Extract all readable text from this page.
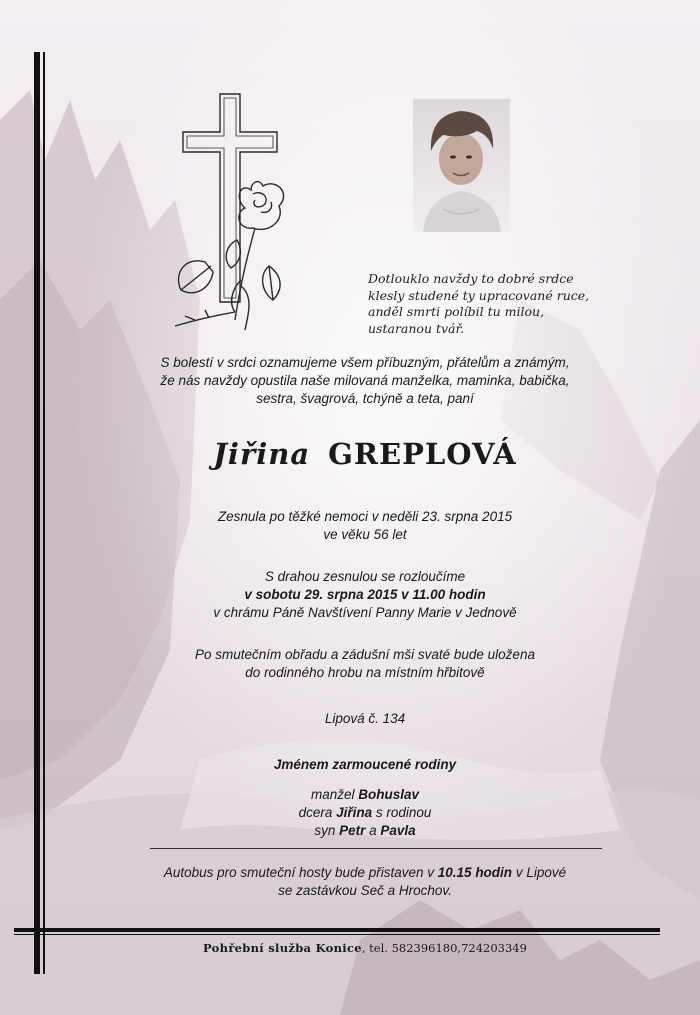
Dotlouklo navždy to dobré srdce
klesly studené ty upracované ruce,
anděl smrti políbil tu milou,
ustaranou tvář.
S bolestí v srdci oznamujeme všem příbuzným, přátelům a známým,
že nás navždy opustila naše milovaná manželka, maminka, babička,
sestra, švagrová, tchýně a teta, paní
Jiřina GREPLOVÁ
Zesnula po těžké nemoci v neděli 23. srpna 2015
ve věku 56 let
S drahou zesnulou se rozloučíme
v sobotu 29. srpna 2015 v 11.00 hodin
v chrámu Páně Navštívení Panny Marie v Jednově
Po smutečním obřadu a zádušní mši svaté bude uložena
do rodinného hrobu na místním hřbitově
Lipová č. 134
Jménem zarmoucené rodiny
manžel Bohuslav
dcera Jiřina s rodinou
syn Petr a Pavla
Autobus pro smuteční hosty bude přistaven v 10.15 hodin v Lipové
se zastávkou Seč a Hrochov.
Pohřební služba Konice, tel. 582396180,724203349
